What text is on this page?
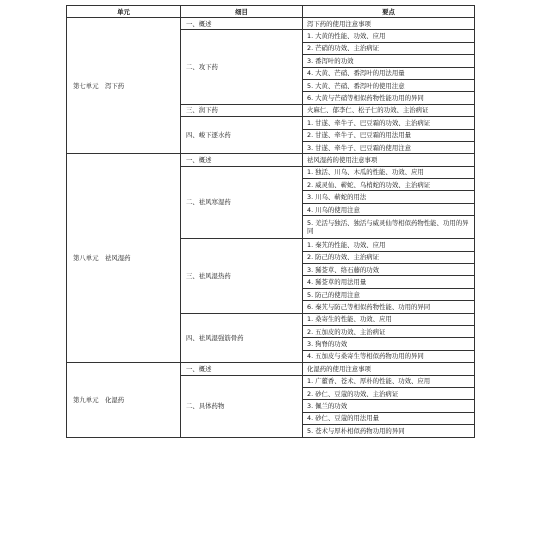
单元	细目	要点
第七单元　泻下药	一、概述	泻下药的使用注意事项
	二、攻下药	1. 大黄的性能、功效、应用
		2. 芒硝的功效、主治病证
		3. 番泻叶的功效
		4. 大黄、芒硝、番泻叶的用法用量
		5. 大黄、芒硝、番泻叶的使用注意
		6. 大黄与芒硝等相似药物性能功用的异同
	三、润下药	火麻仁、郁李仁、松子仁的功效、主治病证
	四、峻下逐水药	1. 甘遂、牵牛子、巴豆霜的功效、主治病证
		2. 甘遂、牵牛子、巴豆霜的用法用量
		3. 甘遂、牵牛子、巴豆霜的使用注意
第八单元　祛风湿药	一、概述	祛风湿药的使用注意事项
	二、祛风寒湿药	1. 独活、川乌、木瓜的性能、功效、应用
		2. 威灵仙、蕲蛇、乌梢蛇的功效、主治病证
		3. 川乌、蕲蛇的用法
		4. 川乌的使用注意
		5. 羌活与独活、独活与威灵仙等相似药物性能、功用的异同
	三、祛风湿热药	1. 秦艽的性能、功效、应用
		2. 防己的功效、主治病证
		3. 豨莶草、络石藤的功效
		4. 豨莶草的用法用量
		5. 防己的使用注意
		6. 秦艽与防己等相似药物性能、功用的异同
	四、祛风湿强筋骨药	1. 桑寄生的性能、功效、应用
		2. 五加皮的功效、主治病证
		3. 狗脊的功效
		4. 五加皮与桑寄生等相似药物功用的异同
第九单元　化湿药	一、概述	化湿药的使用注意事项
	二、具体药物	1. 广藿香、苍术、厚朴的性能、功效、应用
		2. 砂仁、豆蔻的功效、主治病证
		3. 佩兰的功效
		4. 砂仁、豆蔻的用法用量
		5. 苍术与厚朴相似药物功用的异同
